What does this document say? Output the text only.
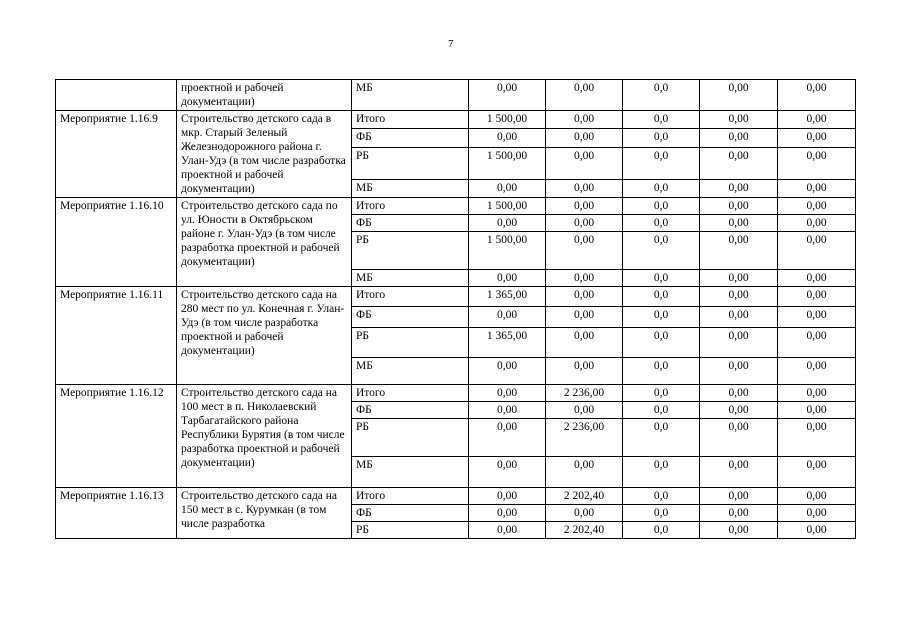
7
	проектной и рабочей документации)	МБ	0,00	0,00	0,0	0,00	0,00
Мероприятие 1.16.9	Строительство детского сада в мкр. Старый Зеленый Железнодорожного района г. Улан-Удэ (в том числе разработка проектной и рабочей документации)	Итого	1 500,00	0,00	0,0	0,00	0,00
		ФБ	0,00	0,00	0,0	0,00	0,00
		РБ	1 500,00	0,00	0,0	0,00	0,00
		МБ	0,00	0,00	0,0	0,00	0,00
Мероприятие 1.16.10	Строительство детского сада по ул. Юности в Октябрьском районе г. Улан-Удэ (в том числе разработка проектной и рабочей документации)	Итого	1 500,00	0,00	0,0	0,00	0,00
		ФБ	0,00	0,00	0,0	0,00	0,00
		РБ	1 500,00	0,00	0,0	0,00	0,00
		МБ	0,00	0,00	0,0	0,00	0,00
Мероприятие 1.16.11	Строительство детского сада на 280 мест по ул. Конечная г. Улан-Удэ (в том числе разработка проектной и рабочей документации)	Итого	1 365,00	0,00	0,0	0,00	0,00
		ФБ	0,00	0,00	0,0	0,00	0,00
		РБ	1 365,00	0,00	0,0	0,00	0,00
		МБ	0,00	0,00	0,0	0,00	0,00
Мероприятие 1.16.12	Строительство детского сада на 100 мест в п. Николаевский Тарбагатайского района Республики Бурятия (в том числе разработка проектной и рабочей документации)	Итого	0,00	2 236,00	0,0	0,00	0,00
		ФБ	0,00	0,00	0,0	0,00	0,00
		РБ	0,00	2 236,00	0,0	0,00	0,00
		МБ	0,00	0,00	0,0	0,00	0,00
Мероприятие 1.16.13	Строительство детского сада на 150 мест в с. Курумкан (в том числе разработка	Итого	0,00	2 202,40	0,0	0,00	0,00
		ФБ	0,00	0,00	0,0	0,00	0,00
		РБ	0,00	2 202,40	0,0	0,00	0,00
